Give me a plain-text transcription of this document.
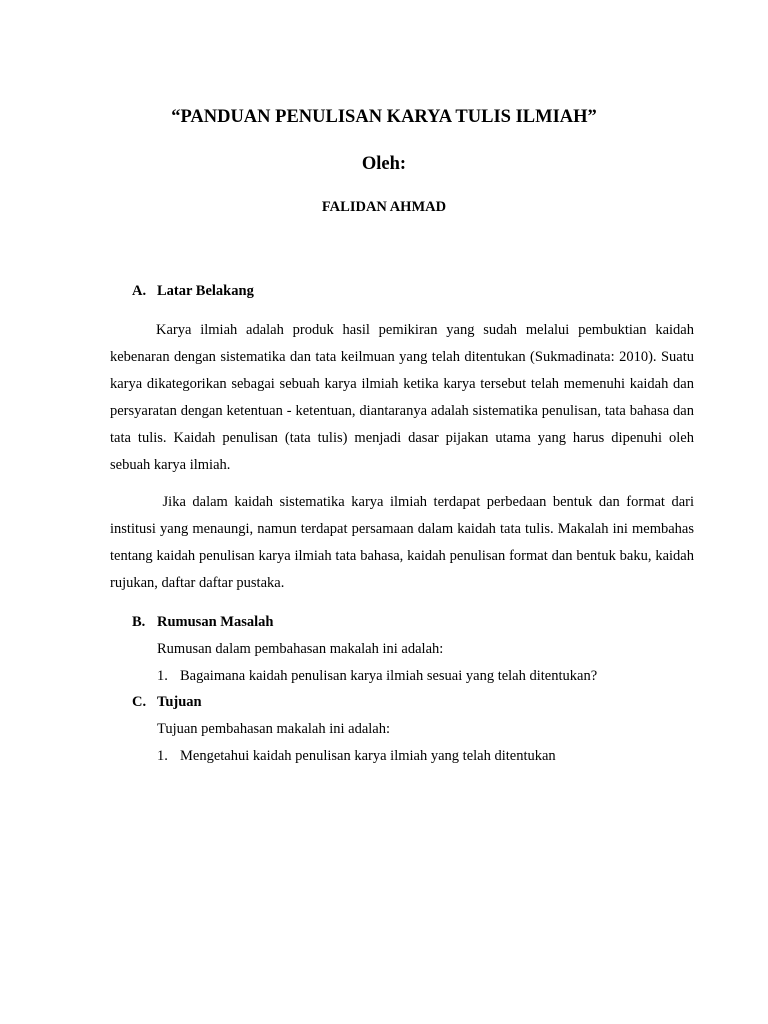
“PANDUAN PENULISAN KARYA TULIS ILMIAH”

Oleh:

FALIDAN AHMAD

A. Latar Belakang

Karya ilmiah adalah produk hasil pemikiran yang sudah melalui pembuktian kaidah kebenaran dengan sistematika dan tata keilmuan yang telah ditentukan (Sukmadinata: 2010). Suatu karya dikategorikan sebagai sebuah karya ilmiah ketika karya tersebut telah memenuhi kaidah dan persyaratan dengan ketentuan - ketentuan, diantaranya adalah sistematika penulisan, tata bahasa dan tata tulis. Kaidah penulisan (tata tulis) menjadi dasar pijakan utama yang harus dipenuhi oleh sebuah karya ilmiah.

Jika dalam kaidah sistematika karya ilmiah terdapat perbedaan bentuk dan format dari institusi yang menaungi, namun terdapat persamaan dalam kaidah tata tulis. Makalah ini membahas tentang kaidah penulisan karya ilmiah tata bahasa, kaidah penulisan format dan bentuk baku, kaidah rujukan, daftar daftar pustaka.

B. Rumusan Masalah

Rumusan dalam pembahasan makalah ini adalah:

1. Bagaimana kaidah penulisan karya ilmiah sesuai yang telah ditentukan?

C. Tujuan

Tujuan pembahasan makalah ini adalah:

1. Mengetahui kaidah penulisan karya ilmiah yang telah ditentukan
